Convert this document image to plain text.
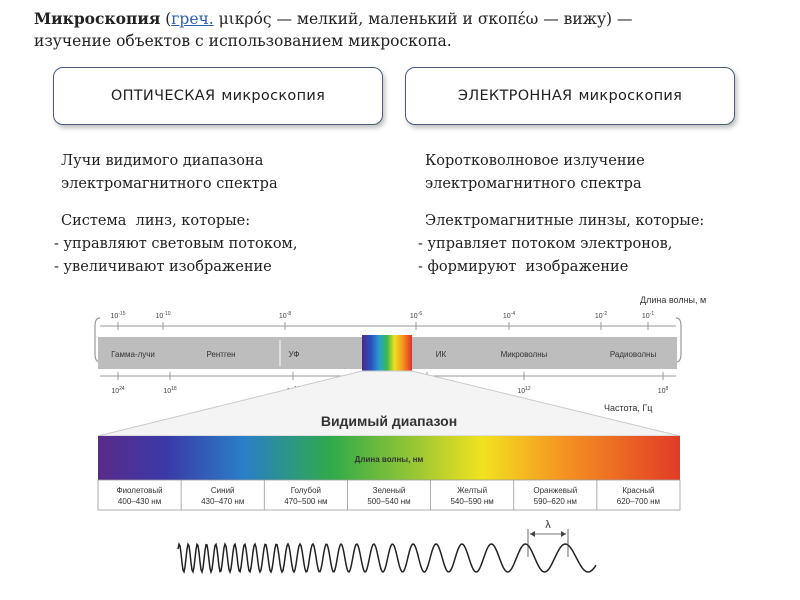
Микроскопия (греч. μικρός — мелкий, маленький и σκοπέω — вижу) —
изучение объектов с использованием микроскопа.
ОПТИЧЕСКАЯ микроскопия	ЭЛЕКТРОННАЯ микроскопия

Лучи видимого диапазона

электромагнитного спектра

Система  линз, которые:

- управляют световым потоком,

- увеличивают изображение

Коротковолновое излучение

электромагнитного спектра

Электромагнитные линзы, которые:

- управляет потоком электронов,

- формируют  изображение

Длина волны, м
Частота, Гц
$10^{-15}$	$10^{-10}$	$10^{-8}$	$10^{-6}$	$10^{-4}$	$10^{-2}$	$10^{-1}$
$10^{24}$	$10^{18}$	$10^{12}$	$10^8$
Гамма-лучи	Рентген	УФ	ИК	Микроволны	Радиоволны
Видимый диапазон
Длина волны, нм
Фиолетовый
400–430 нм
Синий
430–470 нм
Голубой
470–500 нм
Зеленый
500–540 нм
Желтый
540–590 нм
Оранжевый
590–620 нм
Красный
620–700 нм
λ
